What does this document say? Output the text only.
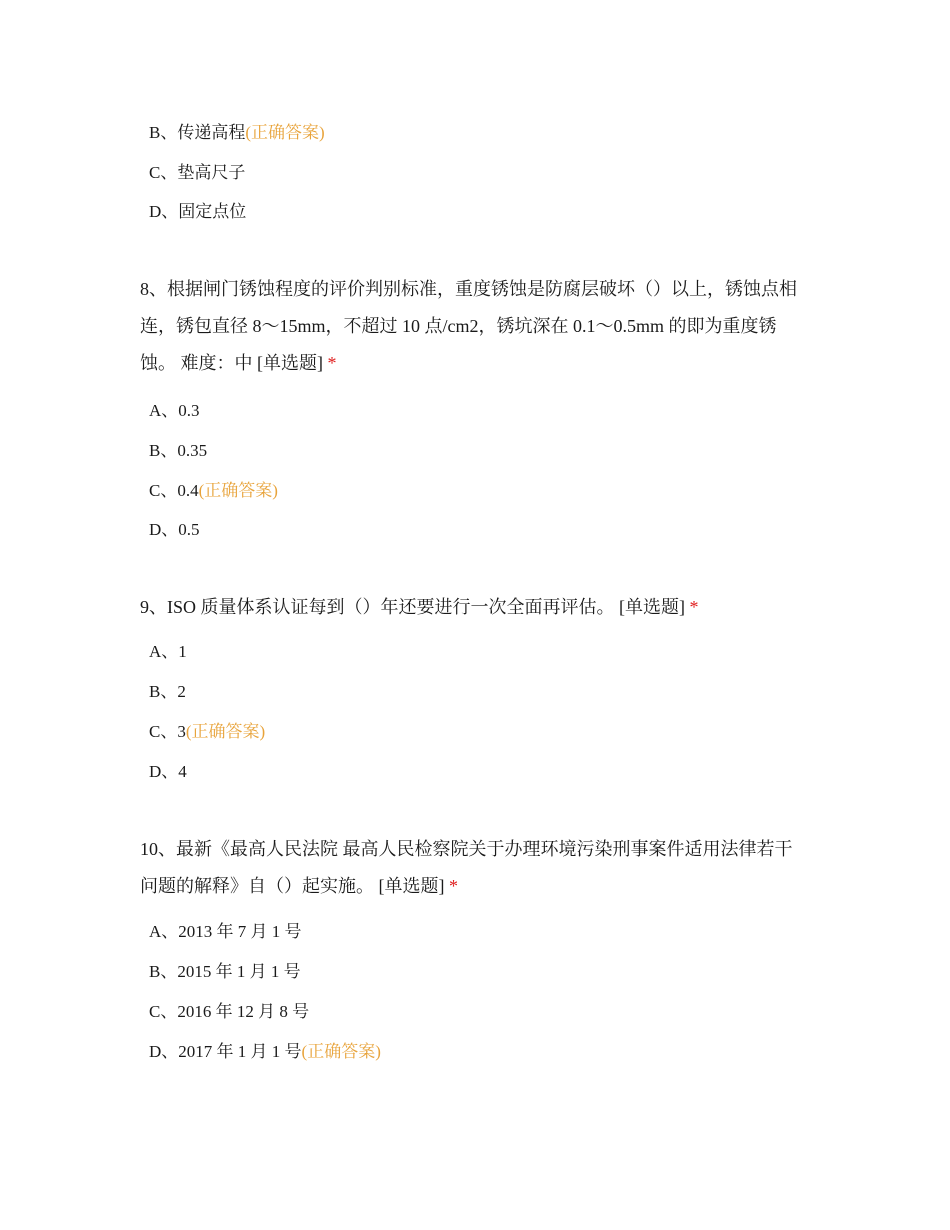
B、传递高程(正确答案)
C、垫高尺子
D、固定点位
8、根据闸门锈蚀程度的评价判别标准，重度锈蚀是防腐层破坏（）以上，锈蚀点相连，锈包直径 8～15mm，不超过 10 点/cm2，锈坑深在 0.1～0.5mm 的即为重度锈蚀。 难度：中 [单选题] *
A、0.3
B、0.35
C、0.4(正确答案)
D、0.5
9、ISO 质量体系认证每到（）年还要进行一次全面再评估。 [单选题] *
A、1
B、2
C、3(正确答案)
D、4
10、最新《最高人民法院 最高人民检察院关于办理环境污染刑事案件适用法律若干问题的解释》自（）起实施。 [单选题] *
A、2013 年 7 月 1 号
B、2015 年 1 月 1 号
C、2016 年 12 月 8 号
D、2017 年 1 月 1 号(正确答案)
